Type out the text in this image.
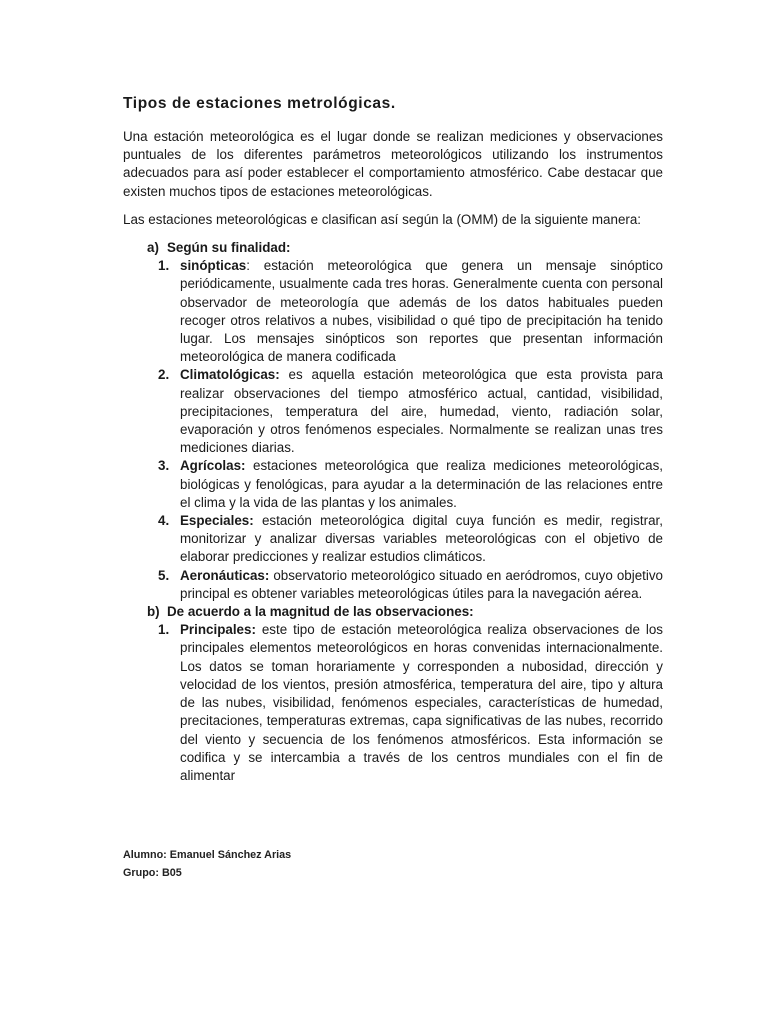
Tipos de estaciones metrológicas.

Una estación meteorológica es el lugar donde se realizan mediciones y observaciones puntuales de los diferentes parámetros meteorológicos utilizando los instrumentos adecuados para así poder establecer el comportamiento atmosférico. Cabe destacar que existen muchos tipos de estaciones meteorológicas.

Las estaciones meteorológicas e clasifican así según la (OMM) de la siguiente manera:

a) Según su finalidad:
1. sinópticas: estación meteorológica que genera un mensaje sinóptico periódicamente, usualmente cada tres horas. Generalmente cuenta con personal observador de meteorología que además de los datos habituales pueden recoger otros relativos a nubes, visibilidad o qué tipo de precipitación ha tenido lugar. Los mensajes sinópticos son reportes que presentan información meteorológica de manera codificada
2. Climatológicas: es aquella estación meteorológica que esta provista para realizar observaciones del tiempo atmosférico actual, cantidad, visibilidad, precipitaciones, temperatura del aire, humedad, viento, radiación solar, evaporación y otros fenómenos especiales. Normalmente se realizan unas tres mediciones diarias.
3. Agrícolas: estaciones meteorológica que realiza mediciones meteorológicas, biológicas y fenológicas, para ayudar a la determinación de las relaciones entre el clima y la vida de las plantas y los animales.
4. Especiales: estación meteorológica digital cuya función es medir, registrar, monitorizar y analizar diversas variables meteorológicas con el objetivo de elaborar predicciones y realizar estudios climáticos.
5. Aeronáuticas: observatorio meteorológico situado en aeródromos, cuyo objetivo principal es obtener variables meteorológicas útiles para la navegación aérea.
b) De acuerdo a la magnitud de las observaciones:
1. Principales: este tipo de estación meteorológica realiza observaciones de los principales elementos meteorológicos en horas convenidas internacionalmente. Los datos se toman horariamente y corresponden a nubosidad, dirección y velocidad de los vientos, presión atmosférica, temperatura del aire, tipo y altura de las nubes, visibilidad, fenómenos especiales, características de humedad, precitaciones, temperaturas extremas, capa significativas de las nubes, recorrido del viento y secuencia de los fenómenos atmosféricos. Esta información se codifica y se intercambia a través de los centros mundiales con el fin de alimentar
Alumno: Emanuel Sánchez Arias
Grupo: B05
